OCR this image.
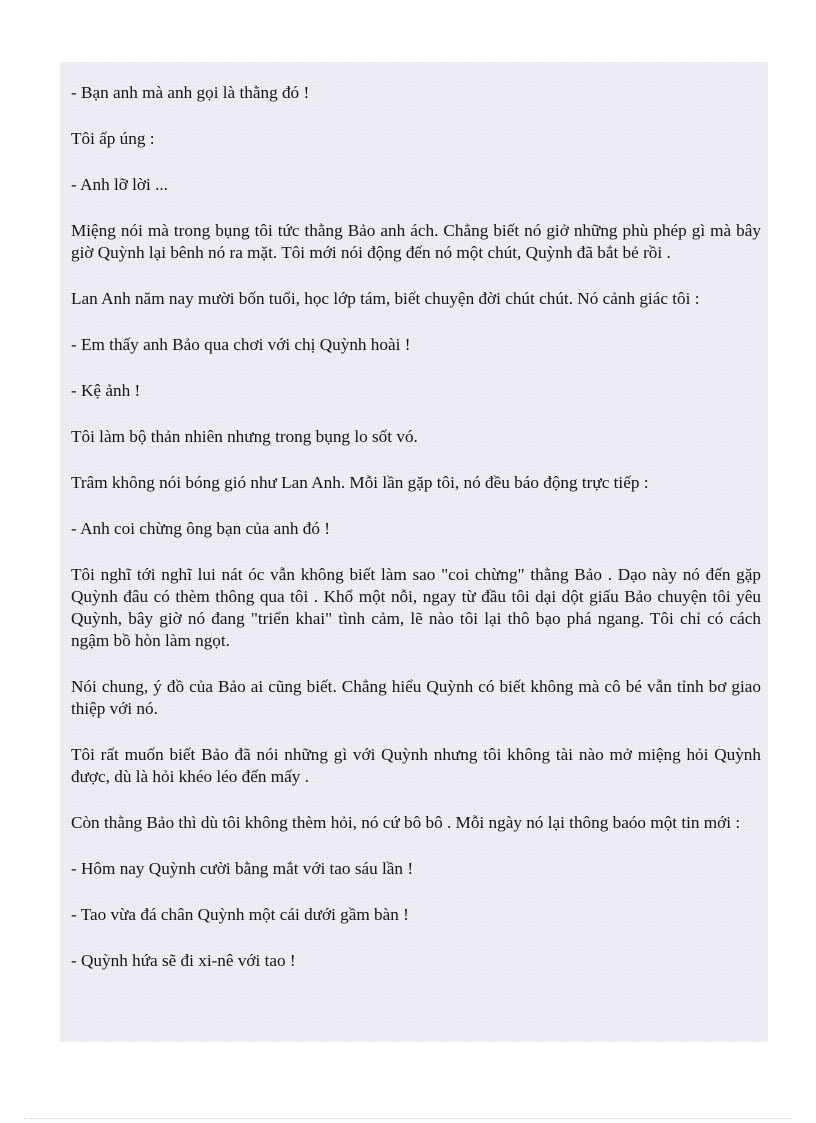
- Bạn anh mà anh gọi là thằng đó !

Tôi ấp úng :

- Anh lỡ lời ...

Miệng nói mà trong bụng tôi tức thằng Bảo anh ách. Chẳng biết nó giở những phù phép gì mà bây giờ Quỳnh lại bênh nó ra mặt. Tôi mới nói động đến nó một chút, Quỳnh đã bắt bẻ rồi .

Lan Anh năm nay mười bốn tuổi, học lớp tám, biết chuyện đời chút chút. Nó cảnh giác tôi :

- Em thấy anh Bảo qua chơi với chị Quỳnh hoài !

- Kệ ảnh !

Tôi làm bộ thản nhiên nhưng trong bụng lo sốt vó.

Trâm không nói bóng gió như Lan Anh. Mỗi lần gặp tôi, nó đều báo động trực tiếp :

- Anh coi chừng ông bạn của anh đó !

Tôi nghĩ tới nghĩ lui nát óc vẫn không biết làm sao "coi chừng" thằng Bảo . Dạo này nó đến gặp Quỳnh đâu có thèm thông qua tôi . Khổ một nỗi, ngay từ đầu tôi dại dột giấu Bảo chuyện tôi yêu Quỳnh, bây giờ nó đang "triển khai" tình cảm, lẽ nào tôi lại thô bạo phá ngang. Tôi chỉ có cách ngậm bồ hòn làm ngọt.

Nói chung, ý đồ của Bảo ai cũng biết. Chẳng hiểu Quỳnh có biết không mà cô bé vẫn tỉnh bơ giao thiệp với nó.

Tôi rất muốn biết Bảo đã nói những gì với Quỳnh nhưng tôi không tài nào mở miệng hỏi Quỳnh được, dù là hỏi khéo léo đến mấy .

Còn thằng Bảo thì dù tôi không thèm hỏi, nó cứ bô bô . Mỗi ngày nó lại thông baóo một tin mới :

- Hôm nay Quỳnh cười bằng mắt với tao sáu lần !

- Tao vừa đá chân Quỳnh một cái dưới gầm bàn !

- Quỳnh hứa sẽ đi xi-nê với tao !
